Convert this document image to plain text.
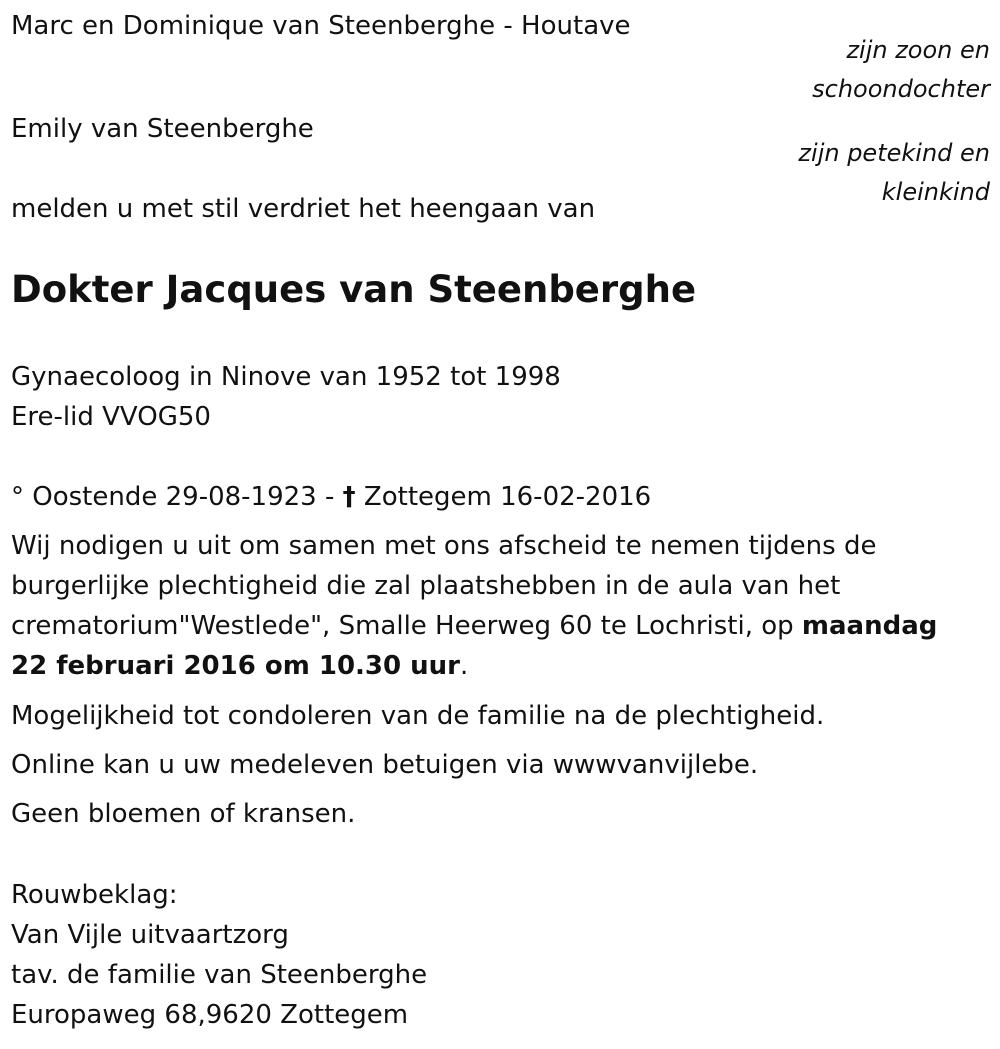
Marc en Dominique van Steenberghe - Houtave
zijn zoon en
schoondochter
Emily van Steenberghe
zijn petekind en
kleinkind
melden u met stil verdriet het heengaan van
Dokter Jacques van Steenberghe
Gynaecoloog in Ninove van 1952 tot 1998
Ere-lid VVOG50
° Oostende 29-08-1923 - † Zottegem 16-02-2016
Wij nodigen u uit om samen met ons afscheid te nemen tijdens de burgerlijke plechtigheid die zal plaatshebben in de aula van het crematorium"Westlede", Smalle Heerweg 60 te Lochristi, op maandag 22 februari 2016 om 10.30 uur.
Mogelijkheid tot condoleren van de familie na de plechtigheid.
Online kan u uw medeleven betuigen via wwwvanvijlebe.
Geen bloemen of kransen.
Rouwbeklag:
Van Vijle uitvaartzorg
tav. de familie van Steenberghe
Europaweg 68,9620 Zottegem
